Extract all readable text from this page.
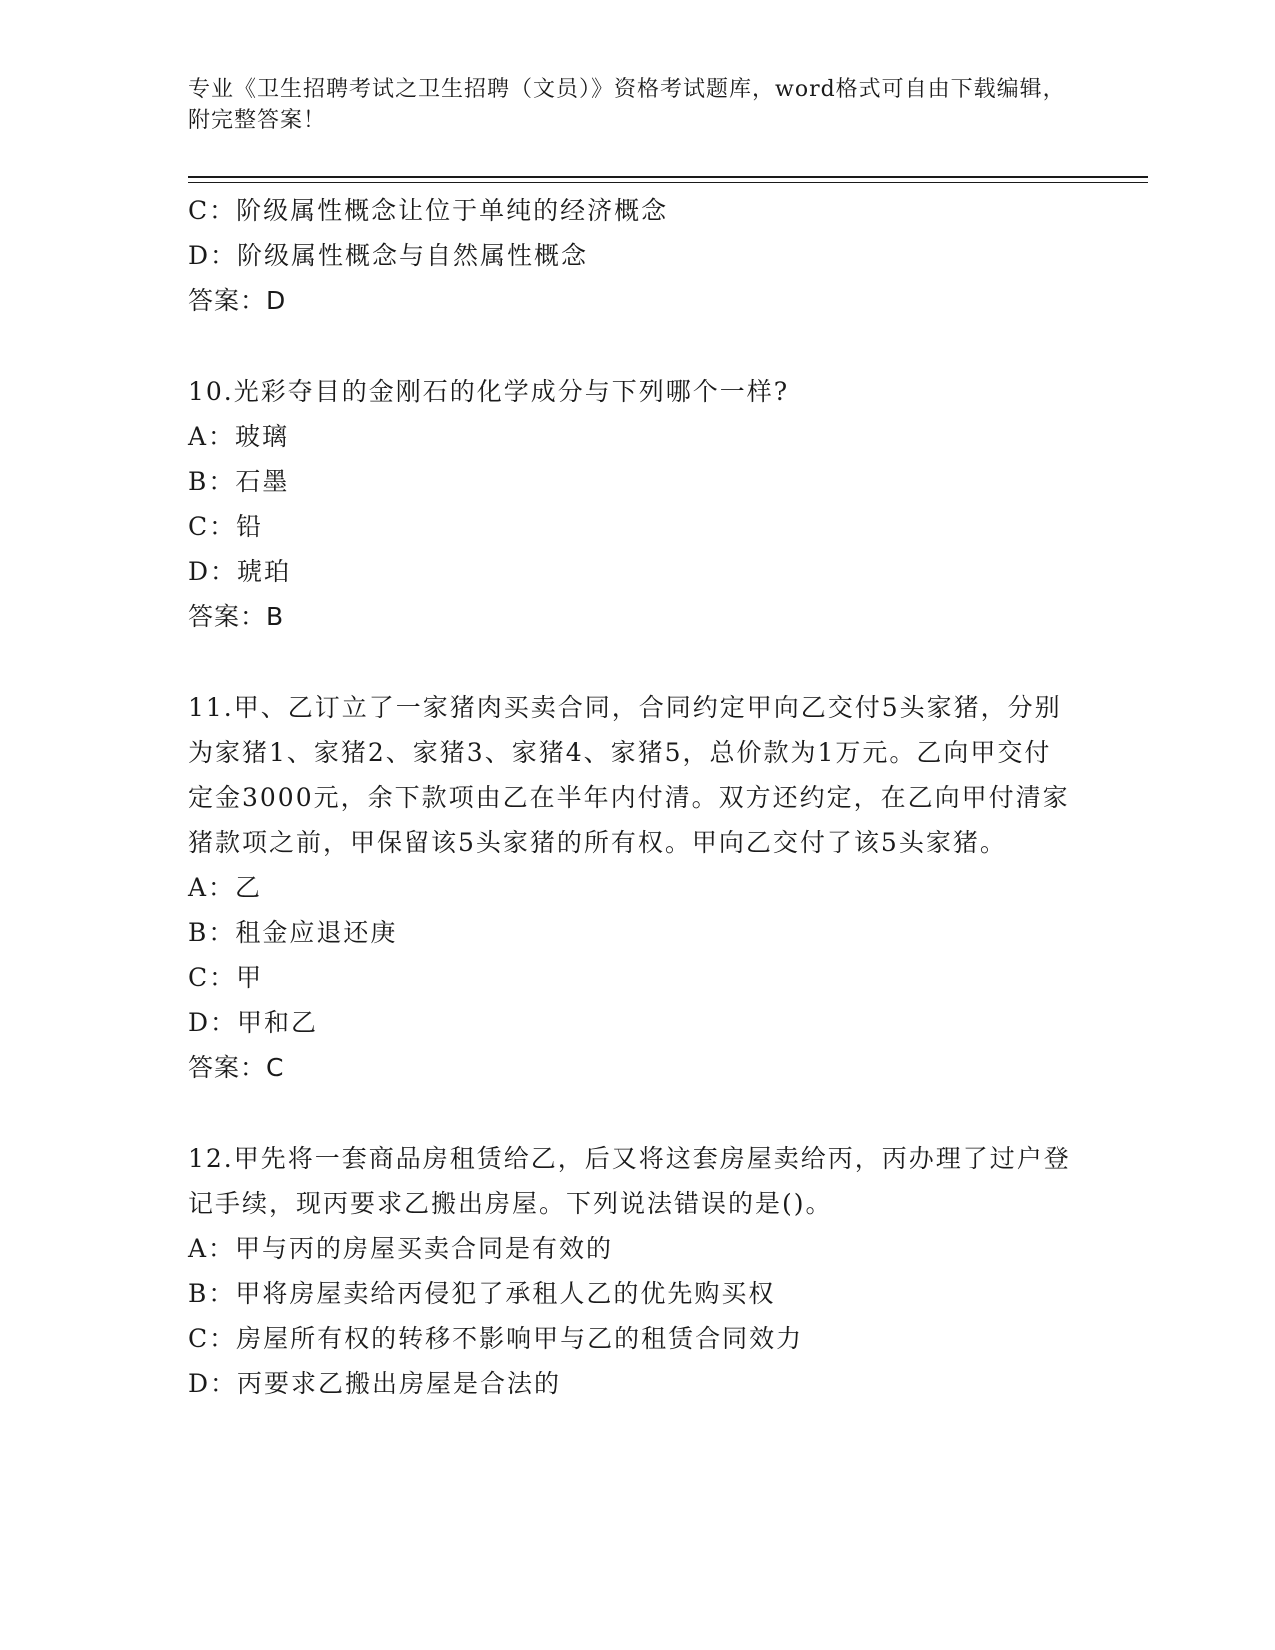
专业《卫生招聘考试之卫生招聘（文员）》资格考试题库，word格式可自由下载编辑，附完整答案！
C：阶级属性概念让位于单纯的经济概念
D：阶级属性概念与自然属性概念
答案：D
10.光彩夺目的金刚石的化学成分与下列哪个一样?
A：玻璃
B：石墨
C：铅
D：琥珀
答案：B
11.甲、乙订立了一家猪肉买卖合同，合同约定甲向乙交付5头家猪，分别为家猪1、家猪2、家猪3、家猪4、家猪5，总价款为1万元。乙向甲交付定金3000元，余下款项由乙在半年内付清。双方还约定，在乙向甲付清家猪款项之前，甲保留该5头家猪的所有权。甲向乙交付了该5头家猪。
A：乙
B：租金应退还庚
C：甲
D：甲和乙
答案：C
12.甲先将一套商品房租赁给乙，后又将这套房屋卖给丙，丙办理了过户登记手续，现丙要求乙搬出房屋。下列说法错误的是()。
A：甲与丙的房屋买卖合同是有效的
B：甲将房屋卖给丙侵犯了承租人乙的优先购买权
C：房屋所有权的转移不影响甲与乙的租赁合同效力
D：丙要求乙搬出房屋是合法的
